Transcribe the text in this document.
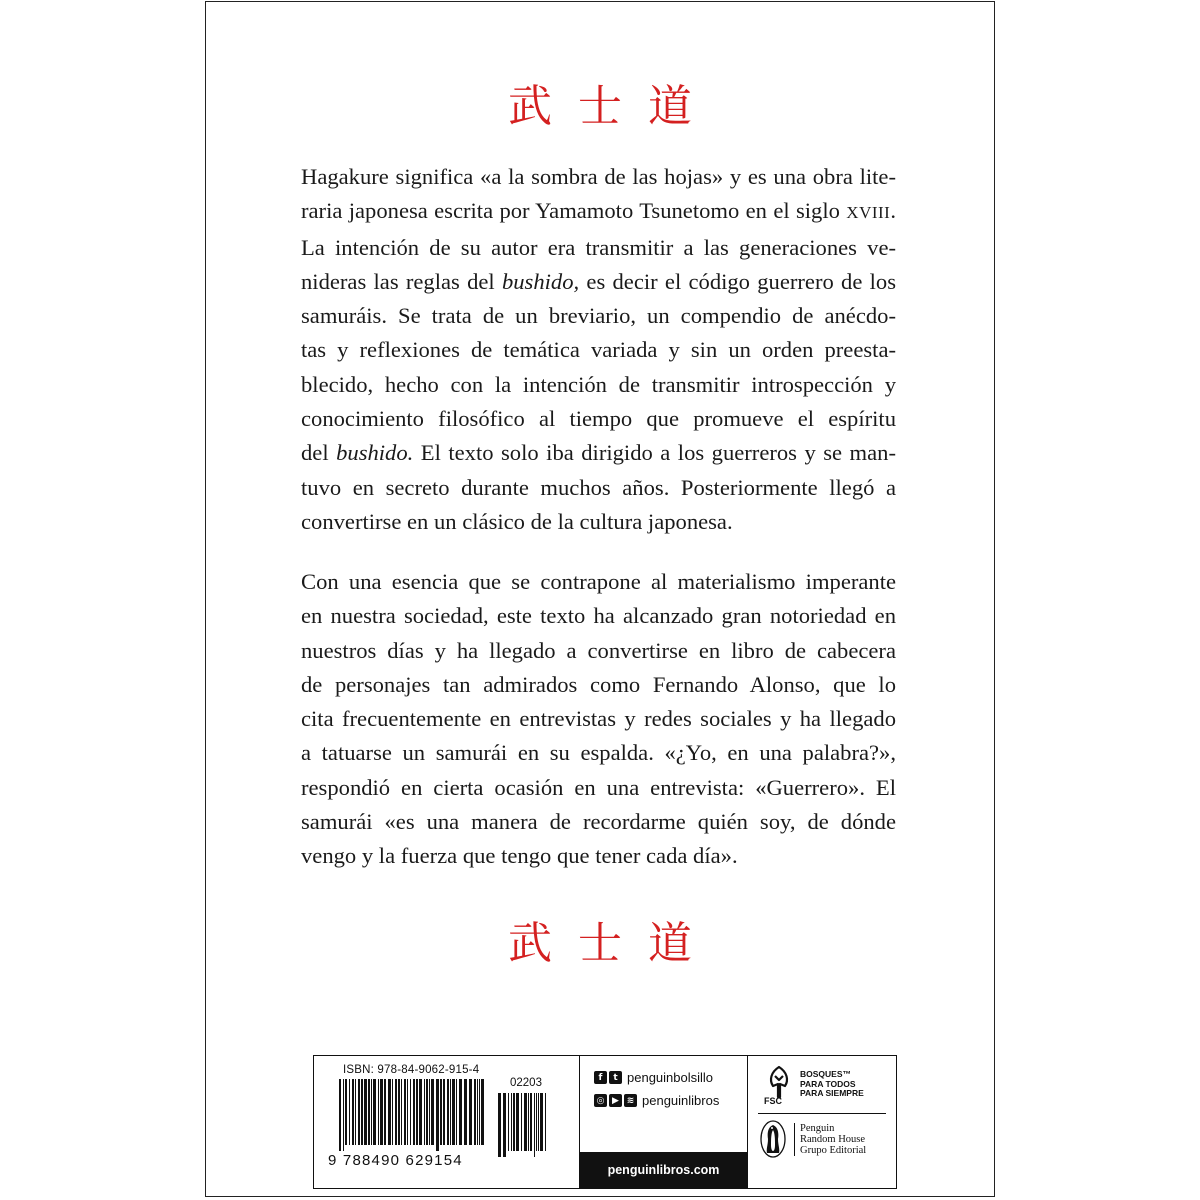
武士道
Hagakure significa «a la sombra de las hojas» y es una obra lite-
raria japonesa escrita por Yamamoto Tsunetomo en el siglo XVIII.
La intención de su autor era transmitir a las generaciones ve-
nideras las reglas del bushido, es decir el código guerrero de los
samuráis. Se trata de un breviario, un compendio de anécdo-
tas y reflexiones de temática variada y sin un orden preesta-
blecido, hecho con la intención de transmitir introspección y
conocimiento filosófico al tiempo que promueve el espíritu
del bushido. El texto solo iba dirigido a los guerreros y se man-
tuvo en secreto durante muchos años. Posteriormente llegó a
convertirse en un clásico de la cultura japonesa.
Con una esencia que se contrapone al materialismo imperante
en nuestra sociedad, este texto ha alcanzado gran notoriedad en
nuestros días y ha llegado a convertirse en libro de cabecera
de personajes tan admirados como Fernando Alonso, que lo
cita frecuentemente en entrevistas y redes sociales y ha llegado
a tatuarse un samurái en su espalda. «¿Yo, en una palabra?»,
respondió en cierta ocasión en una entrevista: «Guerrero». El
samurái «es una manera de recordarme quién soy, de dónde
vengo y la fuerza que tengo que tener cada día».
武士道
ISBN: 978-84-9062-915-4
02203
9 788490 629154
f	t penguinbolsillo
◎ ▶ ≋ penguinlibros
penguinlibros.com
FSC
BOSQUES™
PARA TODOS
PARA SIEMPRE
Penguin
Random House
Grupo Editorial
